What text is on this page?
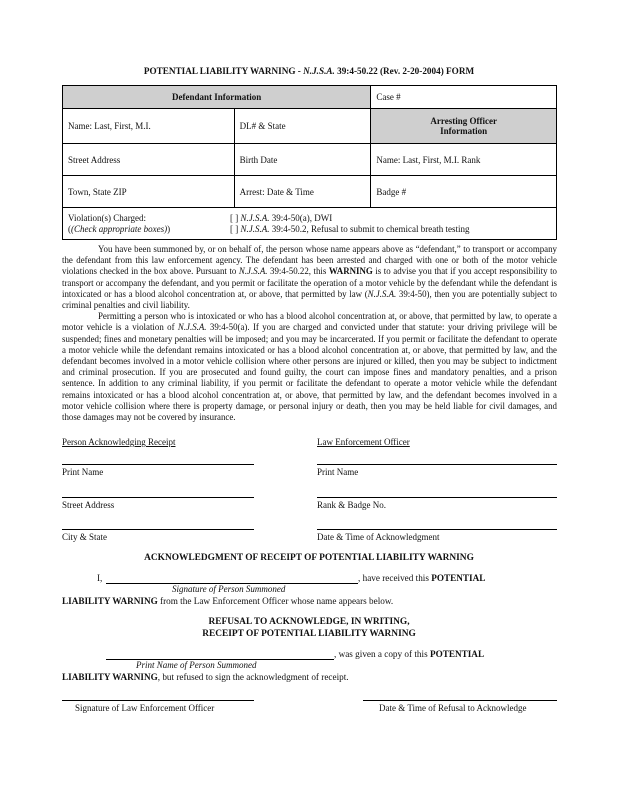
POTENTIAL LIABILITY WARNING - N.J.S.A. 39:4-50.22 (Rev. 2-20-2004) FORM
Defendant Information		Case #
Name: Last, First, M.I.	DL# & State	Arresting Officer
Information

Street Address	Birth Date	Name: Last, First, M.I. Rank
Town, State ZIP	Arrest: Date & Time	Badge #

Violation(s) Charged:
((Check appropriate boxes))
[ ] N.J.S.A. 39:4-50(a), DWI
[ ] N.J.S.A. 39:4-50.2, Refusal to submit to chemical breath testing		

You have been summoned by, or on behalf of, the person whose name appears above as “defendant,” to transport or accompany the defendant from this law enforcement agency. The defendant has been arrested and charged with one or both of the motor vehicle violations checked in the box above. Pursuant to N.J.S.A. 39:4-50.22, this WARNING is to advise you that if you accept responsibility to transport or accompany the defendant, and you permit or facilitate the operation of a motor vehicle by the defendant while the defendant is intoxicated or has a blood alcohol concentration at, or above, that permitted by law (N.J.S.A. 39:4-50), then you are potentially subject to criminal penalties and civil liability.

Permitting a person who is intoxicated or who has a blood alcohol concentration at, or above, that permitted by law, to operate a motor vehicle is a violation of N.J.S.A. 39:4-50(a). If you are charged and convicted under that statute: your driving privilege will be suspended; fines and monetary penalties will be imposed; and you may be incarcerated. If you permit or facilitate the defendant to operate a motor vehicle while the defendant remains intoxicated or has a blood alcohol concentration at, or above, that permitted by law, and the defendant becomes involved in a motor vehicle collision where other persons are injured or killed, then you may be subject to indictment and criminal prosecution. If you are prosecuted and found guilty, the court can impose fines and mandatory penalties, and a prison sentence. In addition to any criminal liability, if you permit or facilitate the defendant to operate a motor vehicle while the defendant remains intoxicated or has a blood alcohol concentration at, or above, that permitted by law, and the defendant becomes involved in a motor vehicle collision where there is property damage, or personal injury or death, then you may be held liable for civil damages, and those damages may not be covered by insurance.

Person Acknowledging Receipt	Law Enforcement Officer
Print Name	Print Name
Street Address	Rank & Badge No.
City & State	Date & Time of Acknowledgment
ACKNOWLEDGMENT OF RECEIPT OF POTENTIAL LIABILITY WARNING
I,	, have received this POTENTIAL
Signature of Person Summoned
LIABILITY WARNING from the Law Enforcement Officer whose name appears below.
REFUSAL TO ACKNOWLEDGE, IN WRITING,
RECEIPT OF POTENTIAL LIABILITY WARNING
, was given a copy of this POTENTIAL
Print Name of Person Summoned
LIABILITY WARNING, but refused to sign the acknowledgment of receipt.
Signature of Law Enforcement Officer	Date & Time of Refusal to Acknowledge
